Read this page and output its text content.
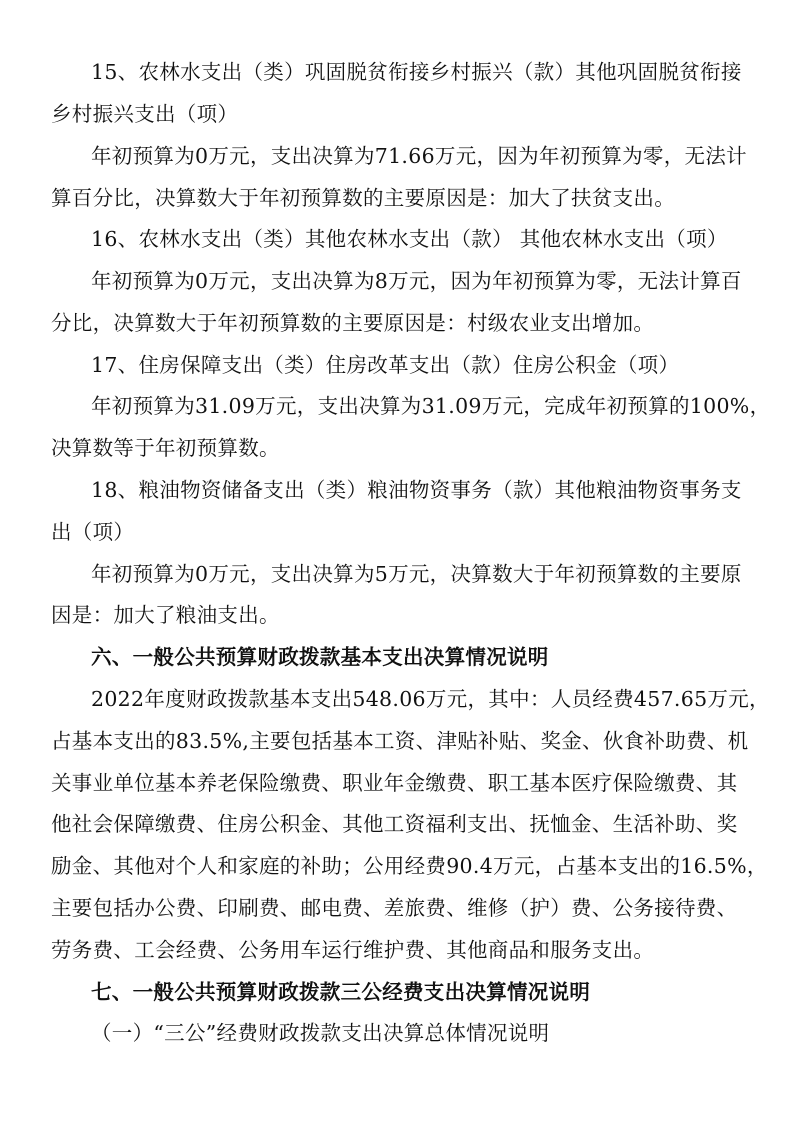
15、农林水支出（类）巩固脱贫衔接乡村振兴（款）其他巩固脱贫衔接
乡村振兴支出（项）
年初预算为0万元，支出决算为71.66万元，因为年初预算为零，无法计
算百分比，决算数大于年初预算数的主要原因是：加大了扶贫支出。
16、农林水支出（类）其他农林水支出（款） 其他农林水支出（项）
年初预算为0万元，支出决算为8万元，因为年初预算为零，无法计算百
分比，决算数大于年初预算数的主要原因是：村级农业支出增加。
17、住房保障支出（类）住房改革支出（款）住房公积金（项）
年初预算为31.09万元，支出决算为31.09万元，完成年初预算的100%，
决算数等于年初预算数。
18、粮油物资储备支出（类）粮油物资事务（款）其他粮油物资事务支
出（项）
年初预算为0万元，支出决算为5万元，决算数大于年初预算数的主要原
因是：加大了粮油支出。
六、一般公共预算财政拨款基本支出决算情况说明
2022年度财政拨款基本支出548.06万元，其中：人员经费457.65万元，
占基本支出的83.5%,主要包括基本工资、津贴补贴、奖金、伙食补助费、机
关事业单位基本养老保险缴费、职业年金缴费、职工基本医疗保险缴费、其
他社会保障缴费、住房公积金、其他工资福利支出、抚恤金、生活补助、奖
励金、其他对个人和家庭的补助；公用经费90.4万元，占基本支出的16.5%，
主要包括办公费、印刷费、邮电费、差旅费、维修（护）费、公务接待费、
劳务费、工会经费、公务用车运行维护费、其他商品和服务支出。
七、一般公共预算财政拨款三公经费支出决算情况说明
（一）“三公”经费财政拨款支出决算总体情况说明
